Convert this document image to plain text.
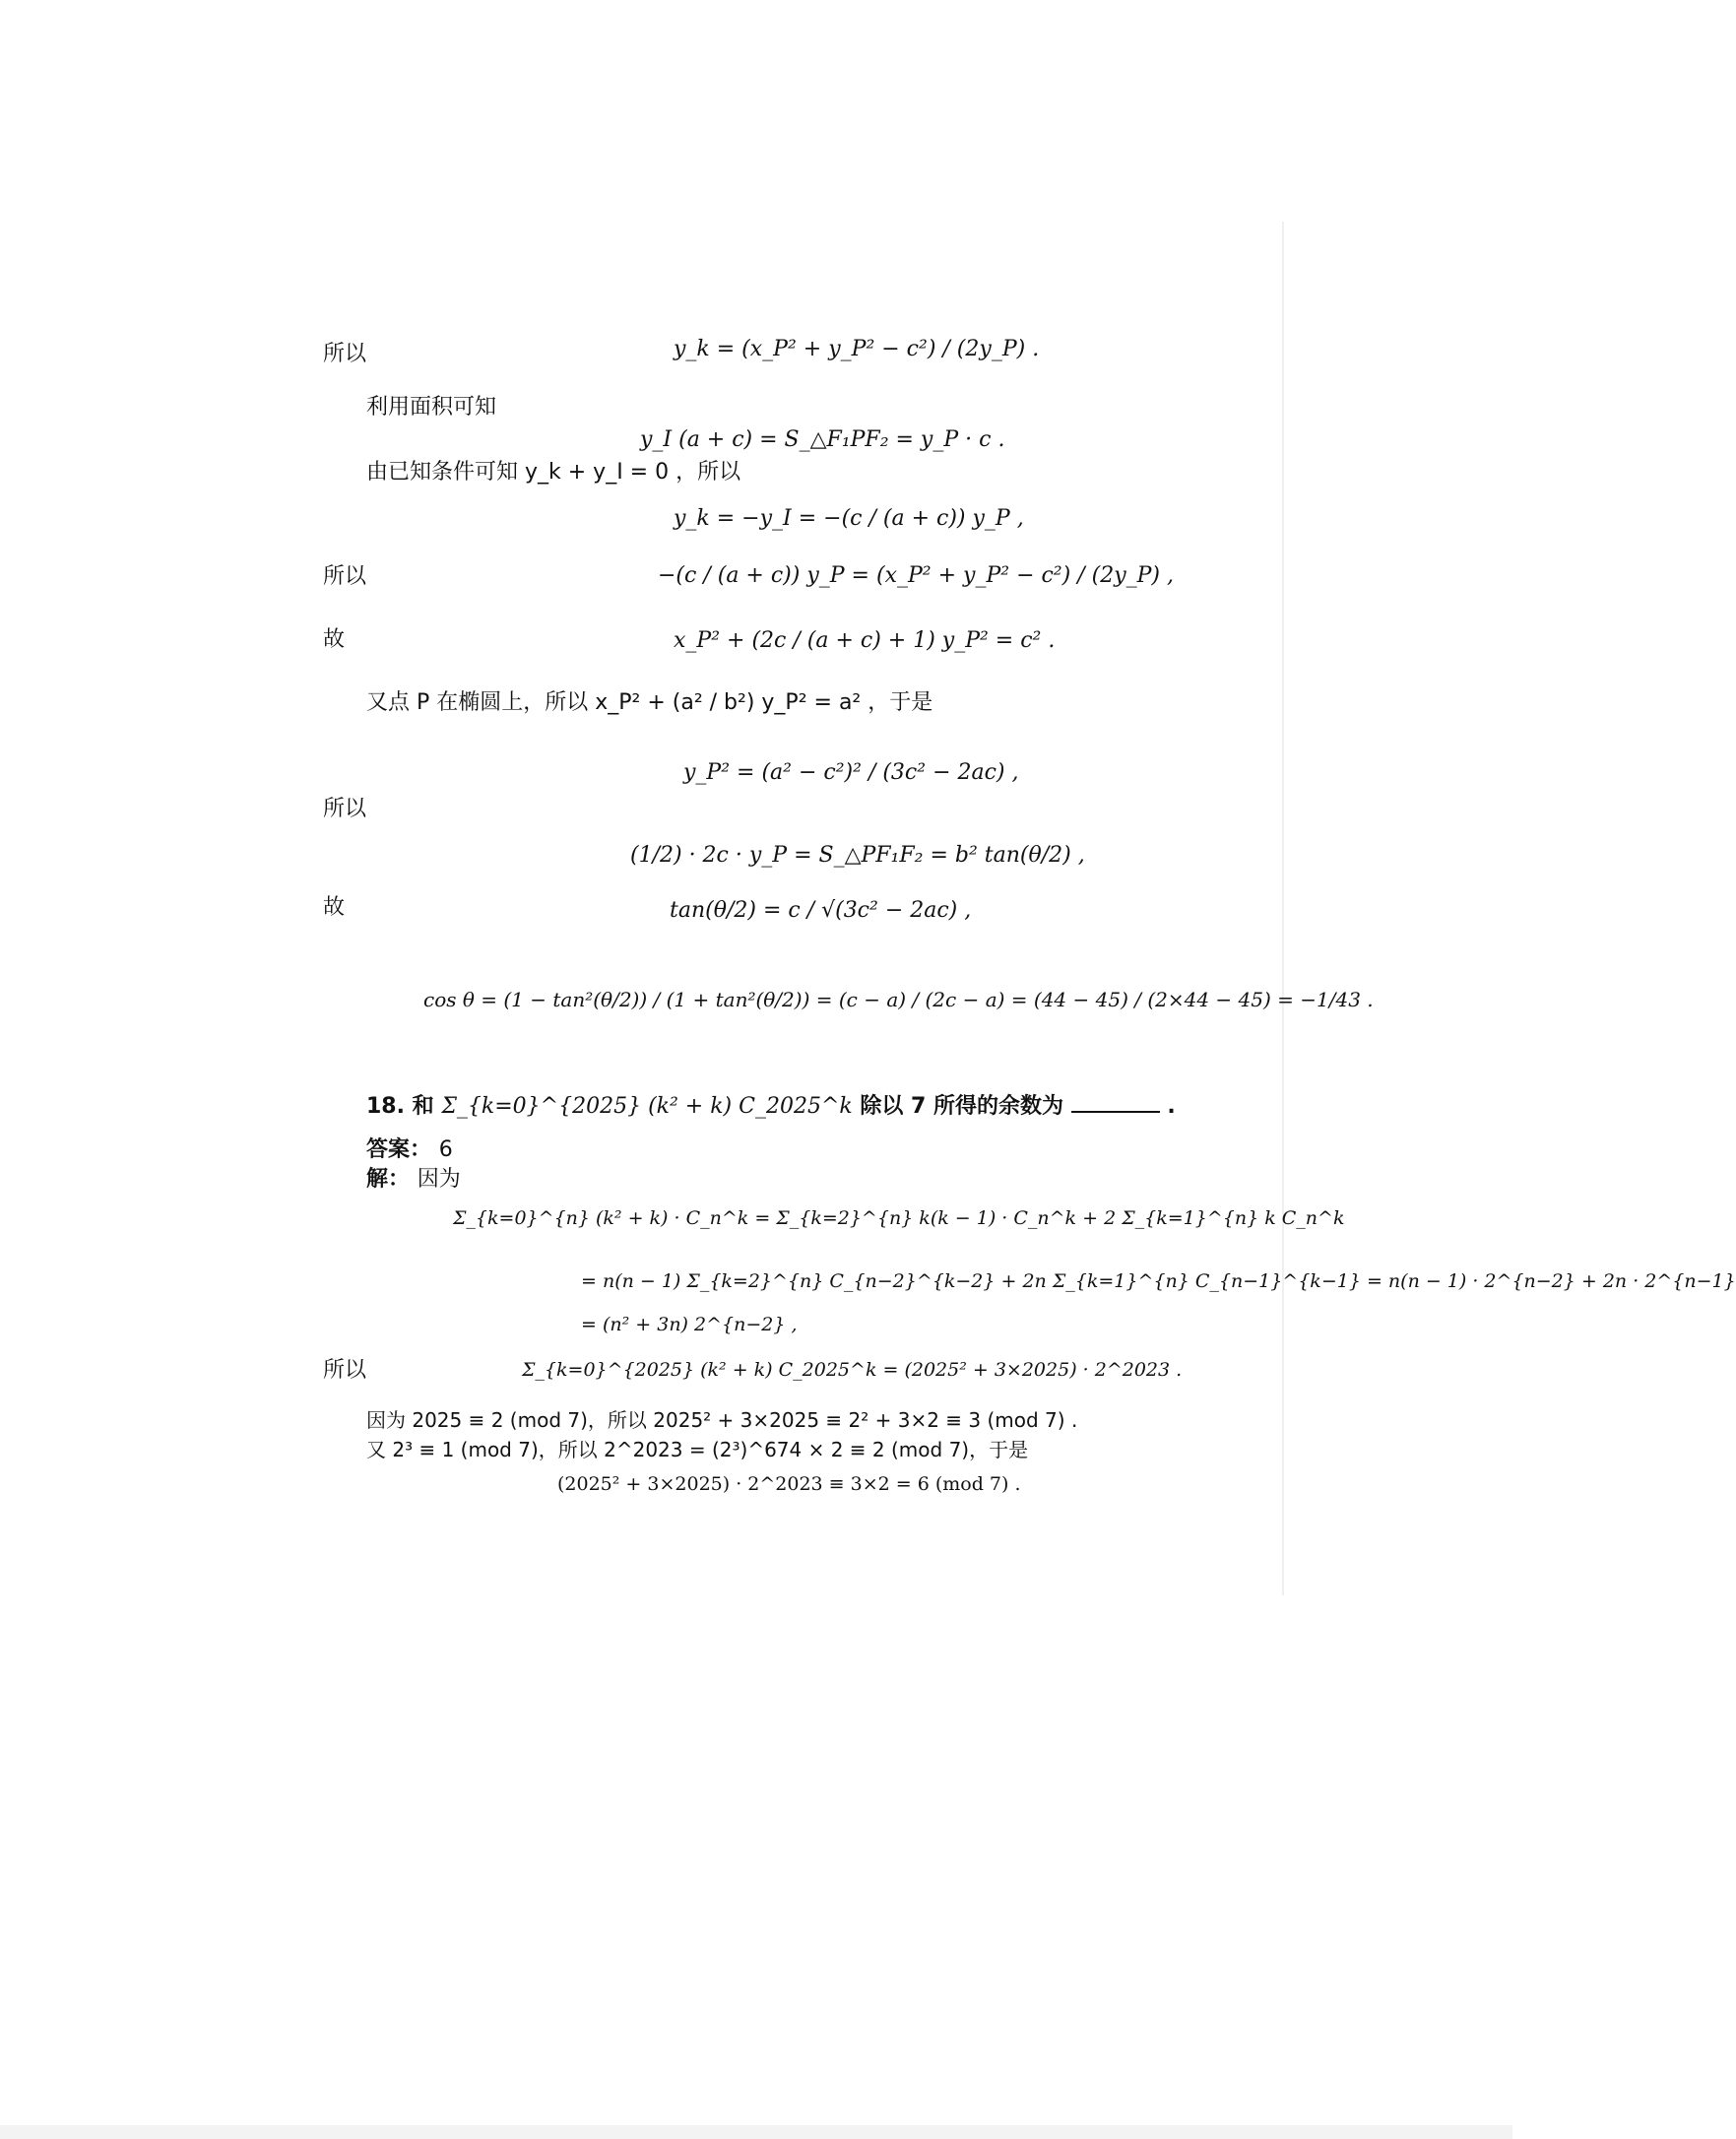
所以	y_k = (x_P² + y_P² − c²) / (2y_P) .
利用面积可知
y_I (a + c) = S_△F₁PF₂ = y_P · c .
由已知条件可知 y_k + y_I = 0 ，所以
y_k = −y_I = −(c / (a + c)) y_P ,
所以	−(c / (a + c)) y_P = (x_P² + y_P² − c²) / (2y_P) ,
故	x_P² + (2c / (a + c) + 1) y_P² = c² .
又点 P 在椭圆上，所以 x_P² + (a² / b²) y_P² = a² ，于是
y_P² = (a² − c²)² / (3c² − 2ac) ,
所以
(1/2) · 2c · y_P = S_△PF₁F₂ = b² tan(θ/2) ,
故	tan(θ/2) = c / √(3c² − 2ac) ,
cos θ = (1 − tan²(θ/2)) / (1 + tan²(θ/2)) = (c − a) / (2c − a) = (44 − 45) / (2×44 − 45) = −1/43 .
18. 和 Σ_{k=0}^{2025} (k² + k) C_2025^k 除以 7 所得的余数为	.
答案： 6
解： 因为
Σ_{k=0}^{n} (k² + k) · C_n^k = Σ_{k=2}^{n} k(k − 1) · C_n^k + 2 Σ_{k=1}^{n} k C_n^k
= n(n − 1) Σ_{k=2}^{n} C_{n−2}^{k−2} + 2n Σ_{k=1}^{n} C_{n−1}^{k−1} = n(n − 1) · 2^{n−2} + 2n · 2^{n−1}
= (n² + 3n) 2^{n−2} ,
所以	Σ_{k=0}^{2025} (k² + k) C_2025^k = (2025² + 3×2025) · 2^2023 .
因为 2025 ≡ 2 (mod 7)，所以 2025² + 3×2025 ≡ 2² + 3×2 ≡ 3 (mod 7) .
又 2³ ≡ 1 (mod 7)，所以 2^2023 = (2³)^674 × 2 ≡ 2 (mod 7)，于是
(2025² + 3×2025) · 2^2023 ≡ 3×2 = 6 (mod 7) .
